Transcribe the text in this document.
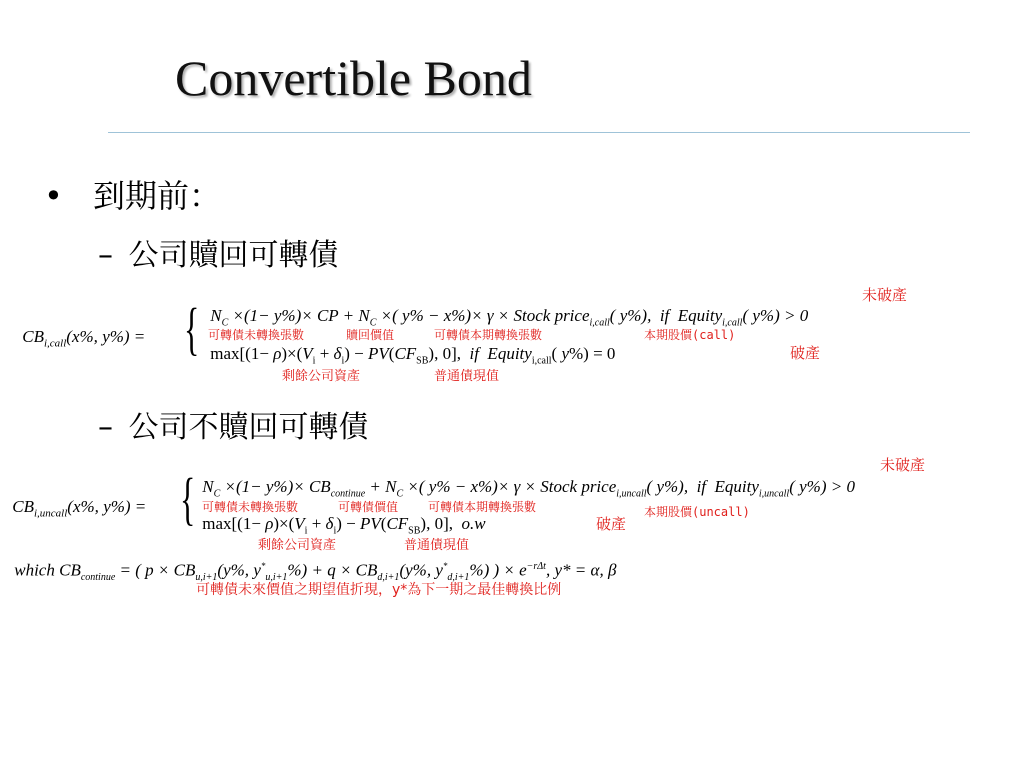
Convertible Bond
• 到期前：
– 公司贖回可轉債
未破產
$CB_{i,call}(x\%$, y%) = { $N_C \times(1- y\%)\times$ CP + $N_C$ ×( y% − x%)× γ × Stock price$_{i,call}$( y%),  if  Equity$_{i,call}$( y%) > 0
可轉債未轉換張數	贖回價值	可轉債本期轉換張數	本期股價(call)
$\max[(1- \rho)\times(V_i + \delta_i) - PV(CF_{SB})$, 0],  if  Equity$_{i,call}$( y%) = 0	破產
剩餘公司資產	普通債現值
– 公司不贖回可轉債
未破產
$CB_{i,uncall}(x\%$, y%) = { $N_C \times(1- y\%)\times CB_{continue} + N_C$ ×( y% − x%)× γ × Stock price$_{i,uncall}$( y%),  if  Equity$_{i,uncall}$( y%) > 0
可轉債未轉換張數	可轉債價值 可轉債本期轉換張數	本期股價(uncall)
$\max[(1- \rho)\times(V_i + \delta_i) - PV(CF_{SB})$, 0],  o.w	破產
剩餘公司資產	普通債現值
which $CB_{continue}$ = ( $p \times CB_{u,i+1}(y\%$, $y^*_{u,i+1}\%) + q \times CB_{d,i+1}(y\%$, $y^*_{d,i+1}\%$) ) × $e^{-r\Delta t}$, y* = α, β
可轉債未來價值之期望值折現，y*為下一期之最佳轉換比例
